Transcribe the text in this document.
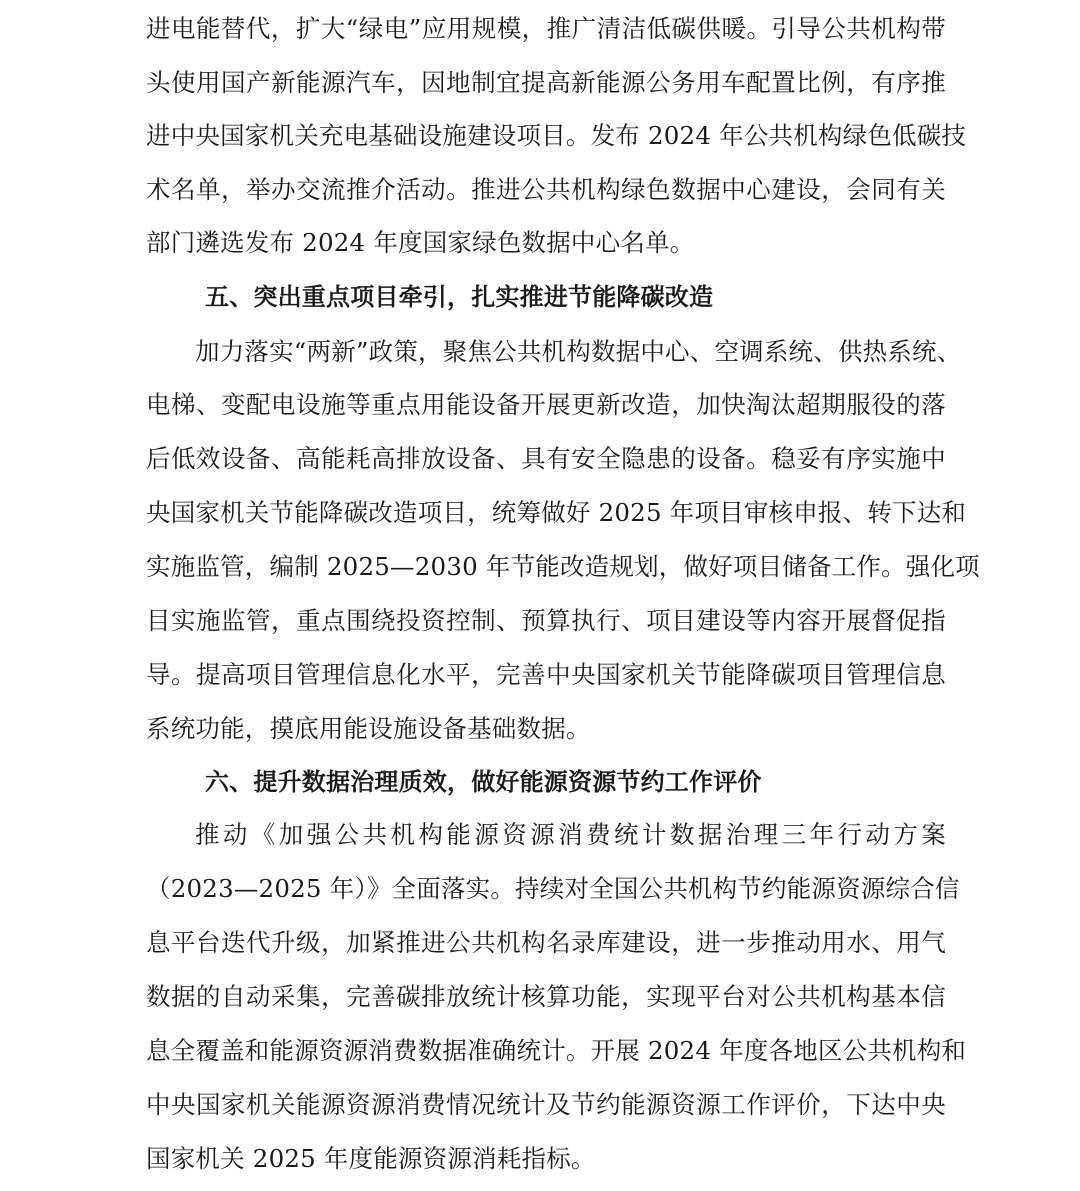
进电能替代，扩大“绿电”应用规模，推广清洁低碳供暖。引导公共机构带
头使用国产新能源汽车，因地制宜提高新能源公务用车配置比例，有序推
进中央国家机关充电基础设施建设项目。发布 2024 年公共机构绿色低碳技
术名单，举办交流推介活动。推进公共机构绿色数据中心建设，会同有关
部门遴选发布 2024 年度国家绿色数据中心名单。
五、突出重点项目牵引，扎实推进节能降碳改造
加力落实“两新”政策，聚焦公共机构数据中心、空调系统、供热系统、
电梯、变配电设施等重点用能设备开展更新改造，加快淘汰超期服役的落
后低效设备、高能耗高排放设备、具有安全隐患的设备。稳妥有序实施中
央国家机关节能降碳改造项目，统筹做好 2025 年项目审核申报、转下达和
实施监管，编制 2025—2030 年节能改造规划，做好项目储备工作。强化项
目实施监管，重点围绕投资控制、预算执行、项目建设等内容开展督促指
导。提高项目管理信息化水平，完善中央国家机关节能降碳项目管理信息
系统功能，摸底用能设施设备基础数据。
六、提升数据治理质效，做好能源资源节约工作评价
推动《加强公共机构能源资源消费统计数据治理三年行动方案
（2023—2025 年）》全面落实。持续对全国公共机构节约能源资源综合信
息平台迭代升级，加紧推进公共机构名录库建设，进一步推动用水、用气
数据的自动采集，完善碳排放统计核算功能，实现平台对公共机构基本信
息全覆盖和能源资源消费数据准确统计。开展 2024 年度各地区公共机构和
中央国家机关能源资源消费情况统计及节约能源资源工作评价，下达中央
国家机关 2025 年度能源资源消耗指标。
